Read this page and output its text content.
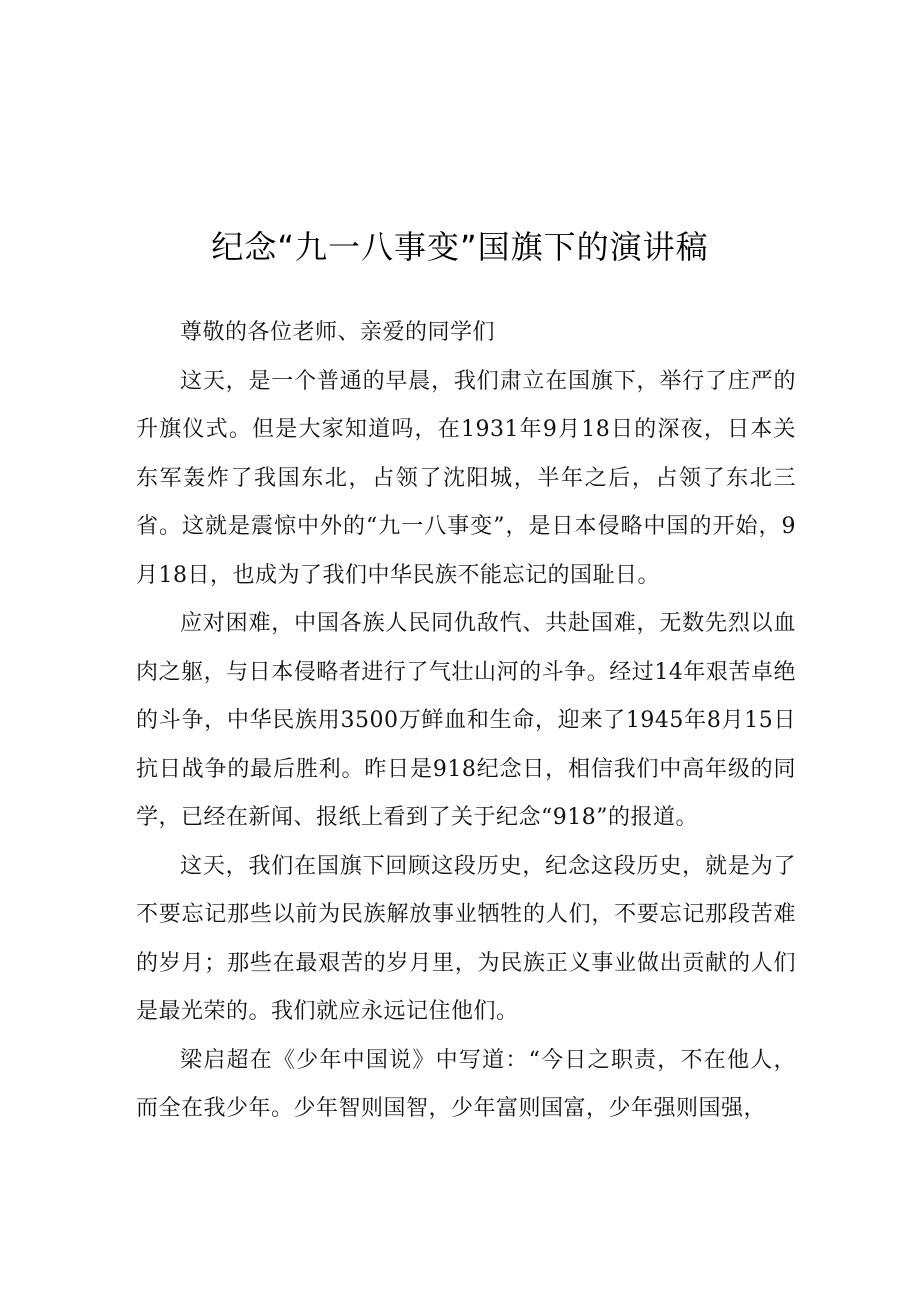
纪念“九一八事变”国旗下的演讲稿

尊敬的各位老师、亲爱的同学们

这天，是一个普通的早晨，我们肃立在国旗下，举行了庄严的升旗仪式。但是大家知道吗，在1931年9月18日的深夜，日本关东军轰炸了我国东北，占领了沈阳城，半年之后，占领了东北三省。这就是震惊中外的“九一八事变”，是日本侵略中国的开始，9月18日，也成为了我们中华民族不能忘记的国耻日。

应对困难，中国各族人民同仇敌忾、共赴国难，无数先烈以血肉之躯，与日本侵略者进行了气壮山河的斗争。经过14年艰苦卓绝的斗争，中华民族用3500万鲜血和生命，迎来了1945年8月15日抗日战争的最后胜利。昨日是918纪念日，相信我们中高年级的同学，已经在新闻、报纸上看到了关于纪念“918”的报道。

这天，我们在国旗下回顾这段历史，纪念这段历史，就是为了不要忘记那些以前为民族解放事业牺牲的人们，不要忘记那段苦难的岁月；那些在最艰苦的岁月里，为民族正义事业做出贡献的人们是最光荣的。我们就应永远记住他们。

梁启超在《少年中国说》中写道：“今日之职责，不在他人，而全在我少年。少年智则国智，少年富则国富，少年强则国强，
